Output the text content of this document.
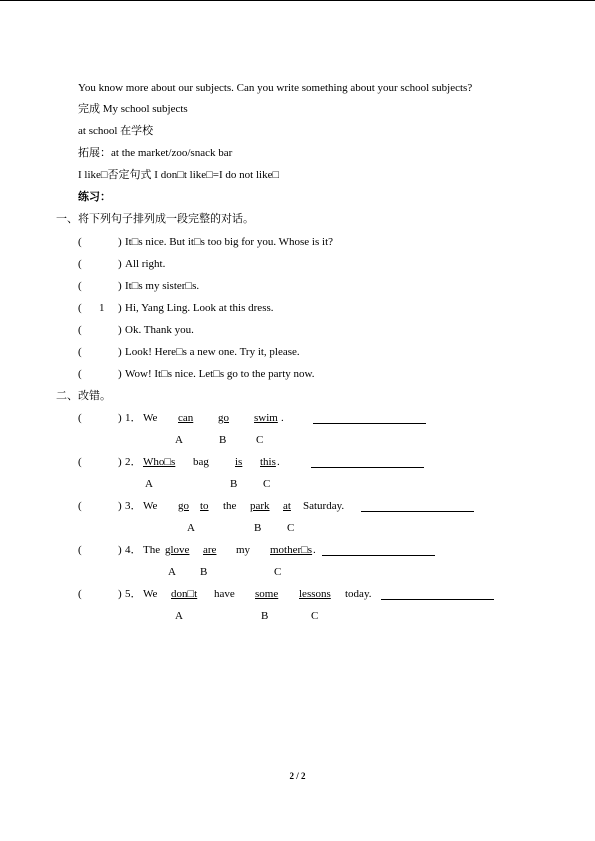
You know more about our subjects. Can you write something about your school subjects?
完成 My school subjects
at school 在学校
拓展：at the market/zoo/snack bar
I like□否定句式 I don□t like□=I do not like□
练习：
一、将下列句子排列成一段完整的对话。
(	) It□s nice. But it□s too big for you. Whose is it?
(	) All right.
(	) It□s my sister□s.
( 1 ) Hi, Yang Ling. Look at this dress.
(	) Ok. Thank you.
(	) Look! Here□s a new one. Try it, please.
(	) Wow! It□s nice. Let□s go to the party now.
二、改错。
(	) 1． We can go swim .
A	B	C
(	) 2． Who□s bag is this .
A	B C
(	) 3． We go to the park at Saturday.
A	B C
(	) 4． The glove are my mother□s .
A B	C
(	) 5． We don□t have some lessons today.
A	B	C
2 / 2
